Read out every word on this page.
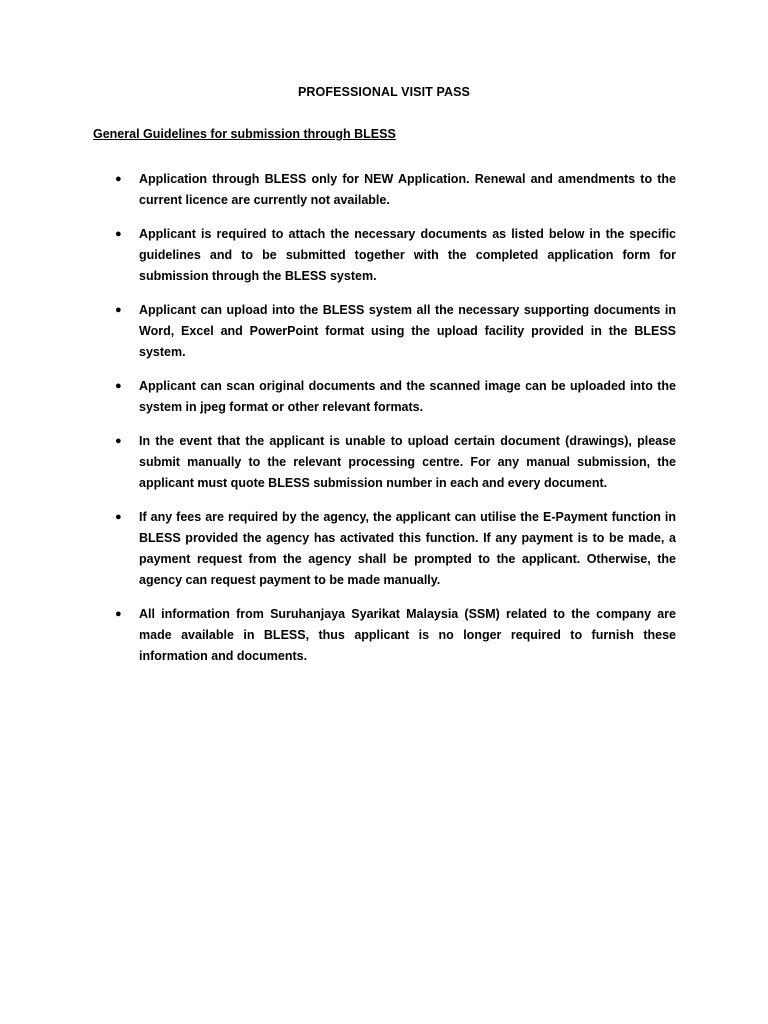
PROFESSIONAL VISIT PASS
General Guidelines for submission through BLESS
● Application through BLESS only for NEW Application. Renewal and amendments to the current licence are currently not available.
● Applicant is required to attach the necessary documents as listed below in the specific guidelines and to be submitted together with the completed application form for submission through the BLESS system.
● Applicant can upload into the BLESS system all the necessary supporting documents in Word, Excel and PowerPoint format using the upload facility provided in the BLESS system.
● Applicant can scan original documents and the scanned image can be uploaded into the system in jpeg format or other relevant formats.
● In the event that the applicant is unable to upload certain document (drawings), please submit manually to the relevant processing centre. For any manual submission, the applicant must quote BLESS submission number in each and every document.
● If any fees are required by the agency, the applicant can utilise the E-Payment function in BLESS provided the agency has activated this function. If any payment is to be made, a payment request from the agency shall be prompted to the applicant. Otherwise, the agency can request payment to be made manually.
● All information from Suruhanjaya Syarikat Malaysia (SSM) related to the company are made available in BLESS, thus applicant is no longer required to furnish these information and documents.
